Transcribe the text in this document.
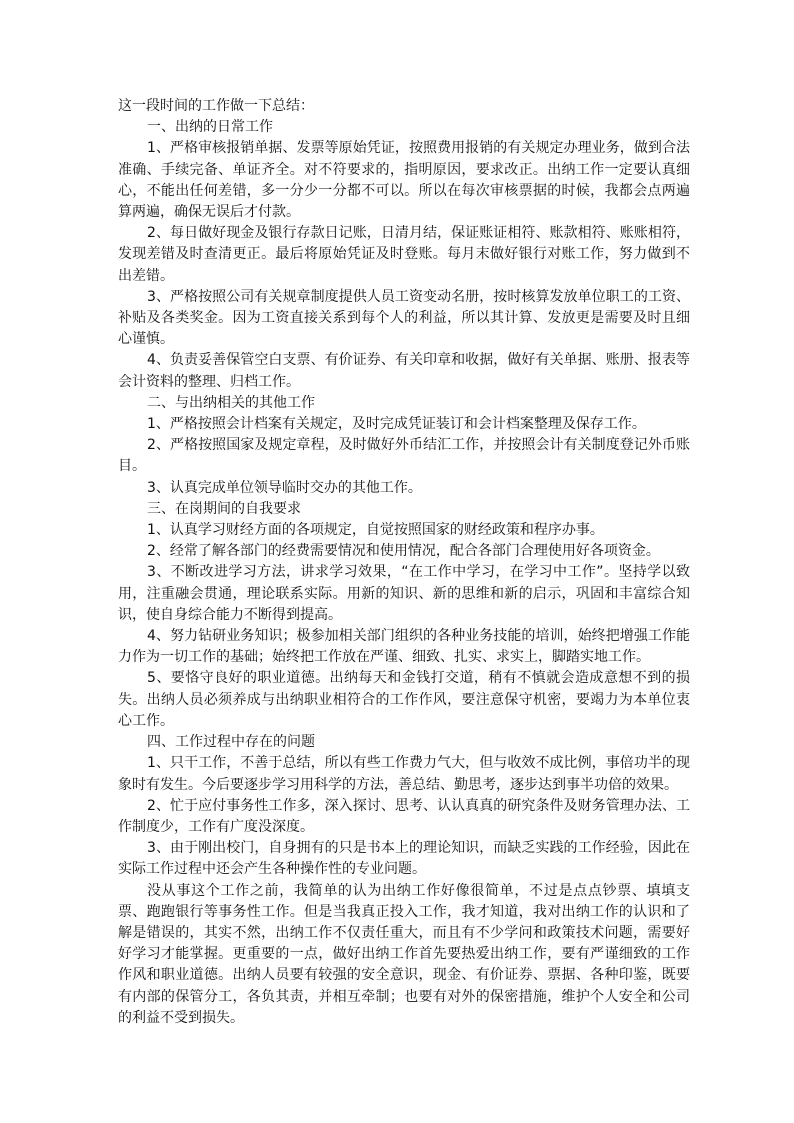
这一段时间的工作做一下总结：

一、出纳的日常工作

1、严格审核报销单据、发票等原始凭证，按照费用报销的有关规定办理业务，做到合法准确、手续完备、单证齐全。对不符要求的，指明原因，要求改正。出纳工作一定要认真细心，不能出任何差错，多一分少一分都不可以。所以在每次审核票据的时候，我都会点两遍算两遍，确保无误后才付款。

2、每日做好现金及银行存款日记账，日清月结，保证账证相符、账款相符、账账相符，发现差错及时查清更正。最后将原始凭证及时登账。每月末做好银行对账工作，努力做到不出差错。

3、严格按照公司有关规章制度提供人员工资变动名册，按时核算发放单位职工的工资、补贴及各类奖金。因为工资直接关系到每个人的利益，所以其计算、发放更是需要及时且细心谨慎。

4、负责妥善保管空白支票、有价证券、有关印章和收据，做好有关单据、账册、报表等会计资料的整理、归档工作。

二、与出纳相关的其他工作

1、严格按照会计档案有关规定，及时完成凭证装订和会计档案整理及保存工作。

2、严格按照国家及规定章程，及时做好外币结汇工作，并按照会计有关制度登记外币账目。

3、认真完成单位领导临时交办的其他工作。

三、在岗期间的自我要求

1、认真学习财经方面的各项规定，自觉按照国家的财经政策和程序办事。

2、经常了解各部门的经费需要情况和使用情况，配合各部门合理使用好各项资金。

3、不断改进学习方法，讲求学习效果，“在工作中学习，在学习中工作”。坚持学以致用，注重融会贯通，理论联系实际。用新的知识、新的思维和新的启示，巩固和丰富综合知识，使自身综合能力不断得到提高。

4、努力钻研业务知识；极参加相关部门组织的各种业务技能的培训，始终把增强工作能力作为一切工作的基础；始终把工作放在严谨、细致、扎实、求实上，脚踏实地工作。

5、要恪守良好的职业道德。出纳每天和金钱打交道，稍有不慎就会造成意想不到的损失。出纳人员必须养成与出纳职业相符合的工作作风，要注意保守机密，要竭力为本单位衷心工作。

四、工作过程中存在的问题

1、只干工作，不善于总结，所以有些工作费力气大，但与收效不成比例，事倍功半的现象时有发生。今后要逐步学习用科学的方法，善总结、勤思考，逐步达到事半功倍的效果。

2、忙于应付事务性工作多，深入探讨、思考、认认真真的研究条件及财务管理办法、工作制度少，工作有广度没深度。

3、由于刚出校门，自身拥有的只是书本上的理论知识，而缺乏实践的工作经验，因此在实际工作过程中还会产生各种操作性的专业问题。

没从事这个工作之前，我简单的认为出纳工作好像很简单，不过是点点钞票、填填支票、跑跑银行等事务性工作。但是当我真正投入工作，我才知道，我对出纳工作的认识和了解是错误的，其实不然，出纳工作不仅责任重大，而且有不少学问和政策技术问题，需要好好学习才能掌握。更重要的一点，做好出纳工作首先要热爱出纳工作，要有严谨细致的工作作风和职业道德。出纳人员要有较强的安全意识，现金、有价证券、票据、各种印鉴，既要有内部的保管分工，各负其责，并相互牵制；也要有对外的保密措施，维护个人安全和公司的利益不受到损失。
